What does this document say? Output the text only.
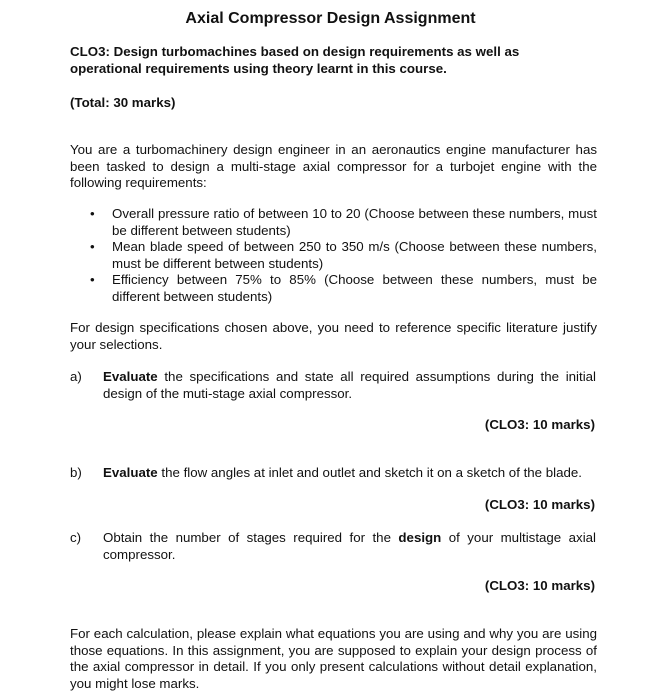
Axial Compressor Design Assignment
CLO3: Design turbomachines based on design requirements as well as operational requirements using theory learnt in this course.
(Total: 30 marks)
You are a turbomachinery design engineer in an aeronautics engine manufacturer has been tasked to design a multi-stage axial compressor for a turbojet engine with the following requirements:
• Overall pressure ratio of between 10 to 20 (Choose between these numbers, must be different between students)
• Mean blade speed of between 250 to 350 m/s (Choose between these numbers, must be different between students)
• Efficiency between 75% to 85% (Choose between these numbers, must be different between students)
For design specifications chosen above, you need to reference specific literature justify your selections.
a) Evaluate the specifications and state all required assumptions during the initial design of the muti-stage axial compressor.
(CLO3: 10 marks)
b) Evaluate the flow angles at inlet and outlet and sketch it on a sketch of the blade.
(CLO3: 10 marks)
c) Obtain the number of stages required for the design of your multistage axial compressor.
(CLO3: 10 marks)
For each calculation, please explain what equations you are using and why you are using those equations. In this assignment, you are supposed to explain your design process of the axial compressor in detail. If you only present calculations without detail explanation, you might lose marks.
